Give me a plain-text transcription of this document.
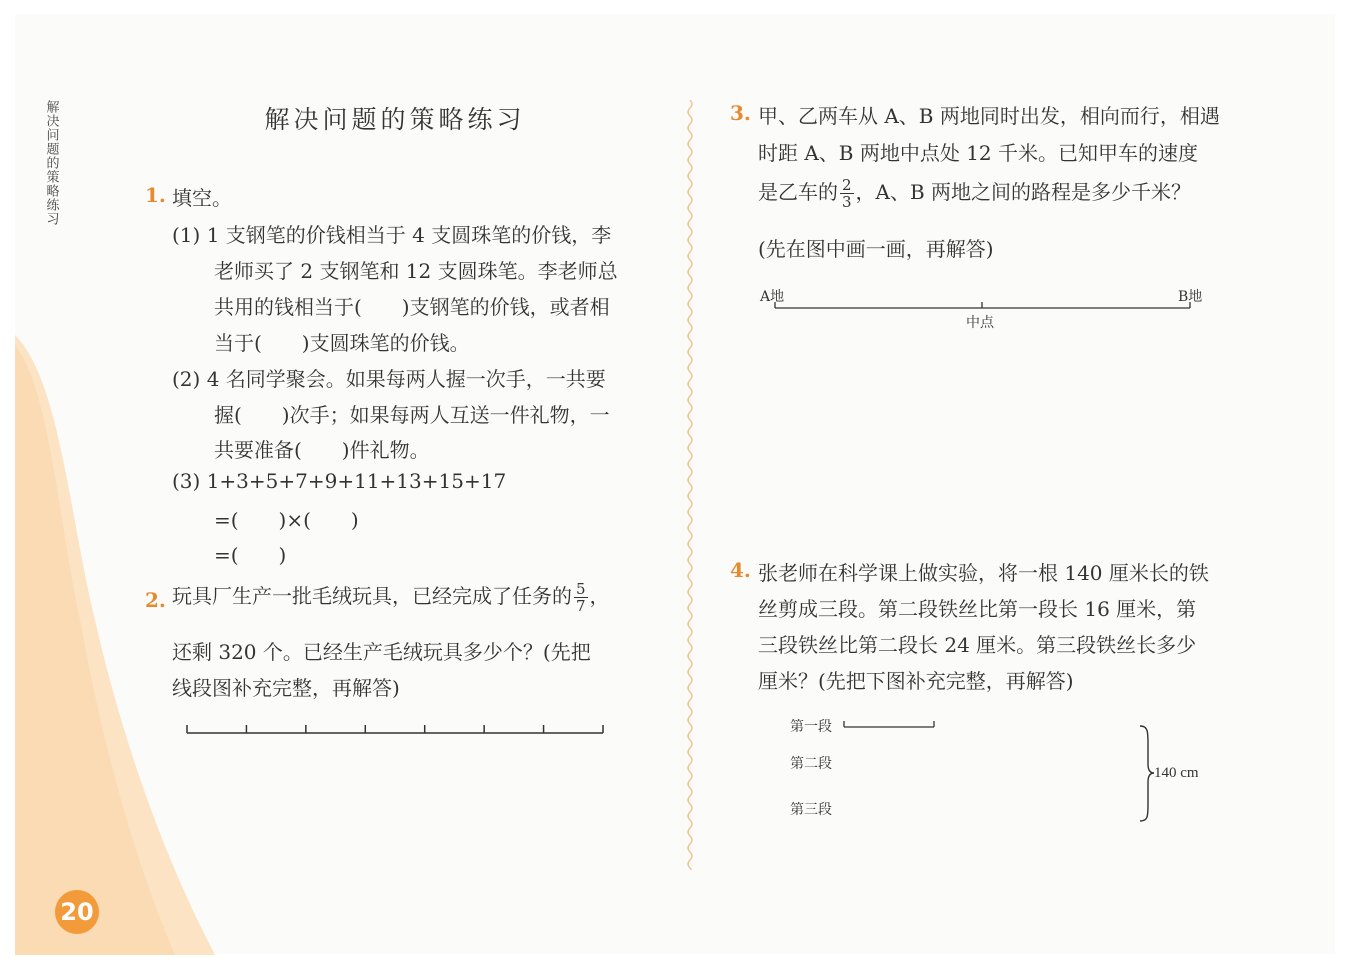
解决问题的策略练习
20
解决问题的策略练习
1. 填空。
(1) 1 支钢笔的价钱相当于 4 支圆珠笔的价钱，李
老师买了 2 支钢笔和 12 支圆珠笔。李老师总
共用的钱相当于(　　)支钢笔的价钱，或者相
当于(　　)支圆珠笔的价钱。
(2) 4 名同学聚会。如果每两人握一次手，一共要
握(　　)次手；如果每两人互送一件礼物，一
共要准备(　　)件礼物。
(3) 1+3+5+7+9+11+13+15+17
=(　　)×(　　)
=(　　)
2. 玩具厂生产一批毛绒玩具，已经完成了任务的 $\frac{5}{7}$ ，
还剩 320 个。已经生产毛绒玩具多少个？(先把
线段图补充完整，再解答)
3. 甲、乙两车从 A、B 两地同时出发，相向而行，相遇
时距 A、B 两地中点处 12 千米。已知甲车的速度
是乙车的 $\frac{2}{3}$ ，A、B 两地之间的路程是多少千米？
(先在图中画一画，再解答)
A地	B地
中点
4. 张老师在科学课上做实验，将一根 140 厘米长的铁
丝剪成三段。第二段铁丝比第一段长 16 厘米，第
三段铁丝比第二段长 24 厘米。第三段铁丝长多少
厘米？(先把下图补充完整，再解答)
第一段
第二段
第三段
140 cm
